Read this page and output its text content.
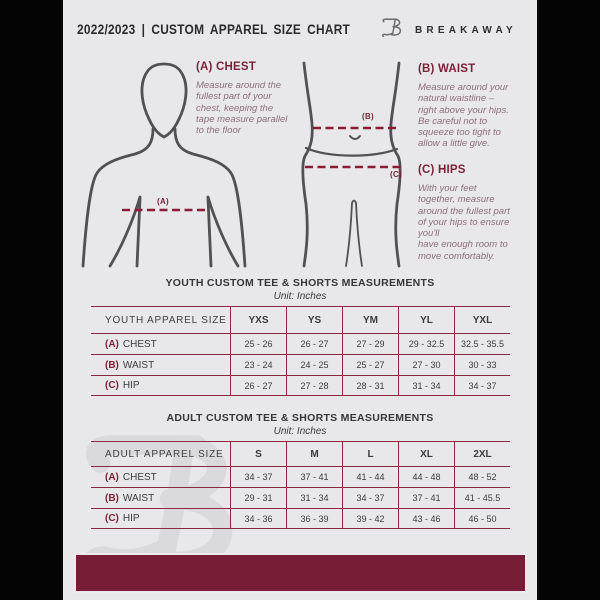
2022/2023 | CUSTOM APPAREL SIZE CHART	BREAKAWAY
(A)
(B)
(C)
(A) CHEST
Measure around the
fullest part of your
chest, keeping the
tape measure parallel
to the floor
(B) WAIST
Measure around your
natural waistline –
right above your hips.
Be careful not to
squeeze too tight to
allow a little give.
(C) HIPS
With your feet
together, measure
around the fullest part
of your hips to ensure
you'll
have enough room to
move comfortably.
YOUTH CUSTOM TEE & SHORTS MEASUREMENTS
Unit: Inches
YOUTH APPAREL SIZE	YXS	YS	YM	YL	YXL
(A) CHEST	25 - 26	26 - 27	27 - 29	29 - 32.5	32.5 - 35.5
(B) WAIST	23 - 24	24 - 25	25 - 27	27 - 30	30 - 33
(C) HIP	26 - 27	27 - 28	28 - 31	31 - 34	34 - 37
ADULT CUSTOM TEE & SHORTS MEASUREMENTS
Unit: Inches
ADULT APPAREL SIZE	S	M	L	XL	2XL
(A) CHEST	34 - 37	37 - 41	41 - 44	44 - 48	48 - 52
(B) WAIST	29 - 31	31 - 34	34 - 37	37 - 41	41 - 45.5
(C) HIP	34 - 36	36 - 39	39 - 42	43 - 46	46 - 50
